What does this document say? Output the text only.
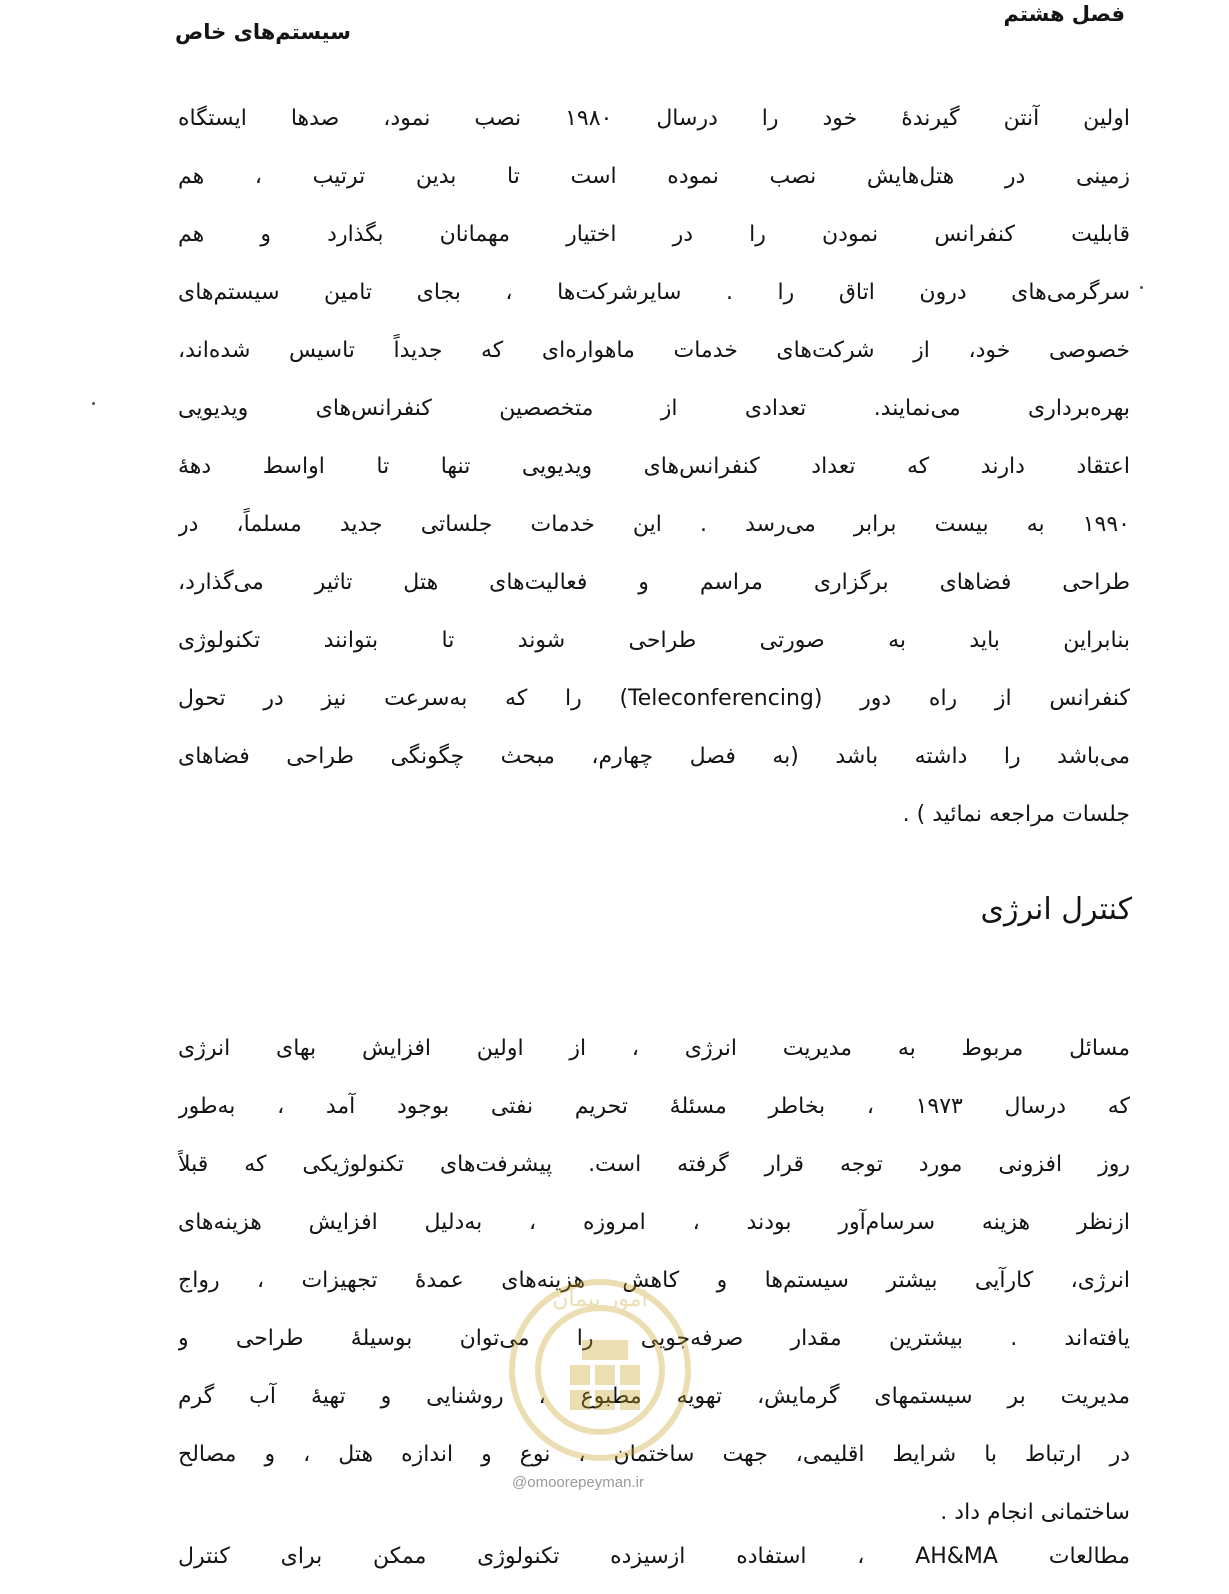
فصل هشتم
سیستم‌های خاص
اولین آنتن گیرندهٔ خود را درسال ۱۹۸۰ نصب نمود، صدها ایستگاه
زمینی در هتل‌هایش نصب نموده است تا بدین ترتیب ، هم
قابلیت کنفرانس نمودن را در اختیار مهمانان بگذارد و هم
سرگرمی‌های درون اتاق را . سایرشرکت‌ها ، بجای تامین سیستم‌های
خصوصی خود، از شرکت‌های خدمات ماهواره‌ای که جدیداً تاسیس شده‌اند،
بهره‌برداری می‌نمایند. تعدادی از متخصصین کنفرانس‌های ویدیویی
اعتقاد دارند که تعداد کنفرانس‌های ویدیویی تنها تا اواسط دههٔ
۱۹۹۰ به بیست برابر می‌رسد . این خدمات جلساتی جدید مسلماً، در
طراحی فضاهای برگزاری مراسم و فعالیت‌های هتل تاثیر می‌گذارد،
بنابراین باید به صورتی طراحی شوند تا بتوانند تکنولوژی
کنفرانس از راه دور (Teleconferencing) را که به‌سرعت نیز در تحول
می‌باشد را داشته باشد (به فصل چهارم، مبحث چگونگی طراحی فضاهای
جلسات مراجعه نمائید ) .
کنترل انرژی
مسائل مربوط به مدیریت انرژی ، از اولین افزایش بهای انرژی
که درسال ۱۹۷۳ ، بخاطر مسئلهٔ تحریم نفتی بوجود آمد ، به‌طور
روز افزونی مورد توجه قرار گرفته است. پیشرفت‌های تکنولوژیکی که قبلاً
ازنظر هزینه سرسام‌آور بودند ، امروزه ، به‌دلیل افزایش هزینه‌های
انرژی، کارآیی بیشتر سیستم‌ها و کاهش هزینه‌های عمدهٔ تجهیزات ، رواج
یافته‌اند . بیشترین مقدار صرفه‌جویی را می‌توان بوسیلهٔ طراحی و
مدیریت بر سیستمهای گرمایش، تهویه مطبوع ، روشنایی و تهیهٔ آب گرم
در ارتباط با شرایط اقلیمی، جهت ساختمان ، نوع و اندازه هتل ، و مصالح
ساختمانی انجام داد .
مطالعات AH&MA ، استفاده ازسیزده تکنولوژی ممکن برای کنترل
امور پیمان
@omoorepeyman.ir
